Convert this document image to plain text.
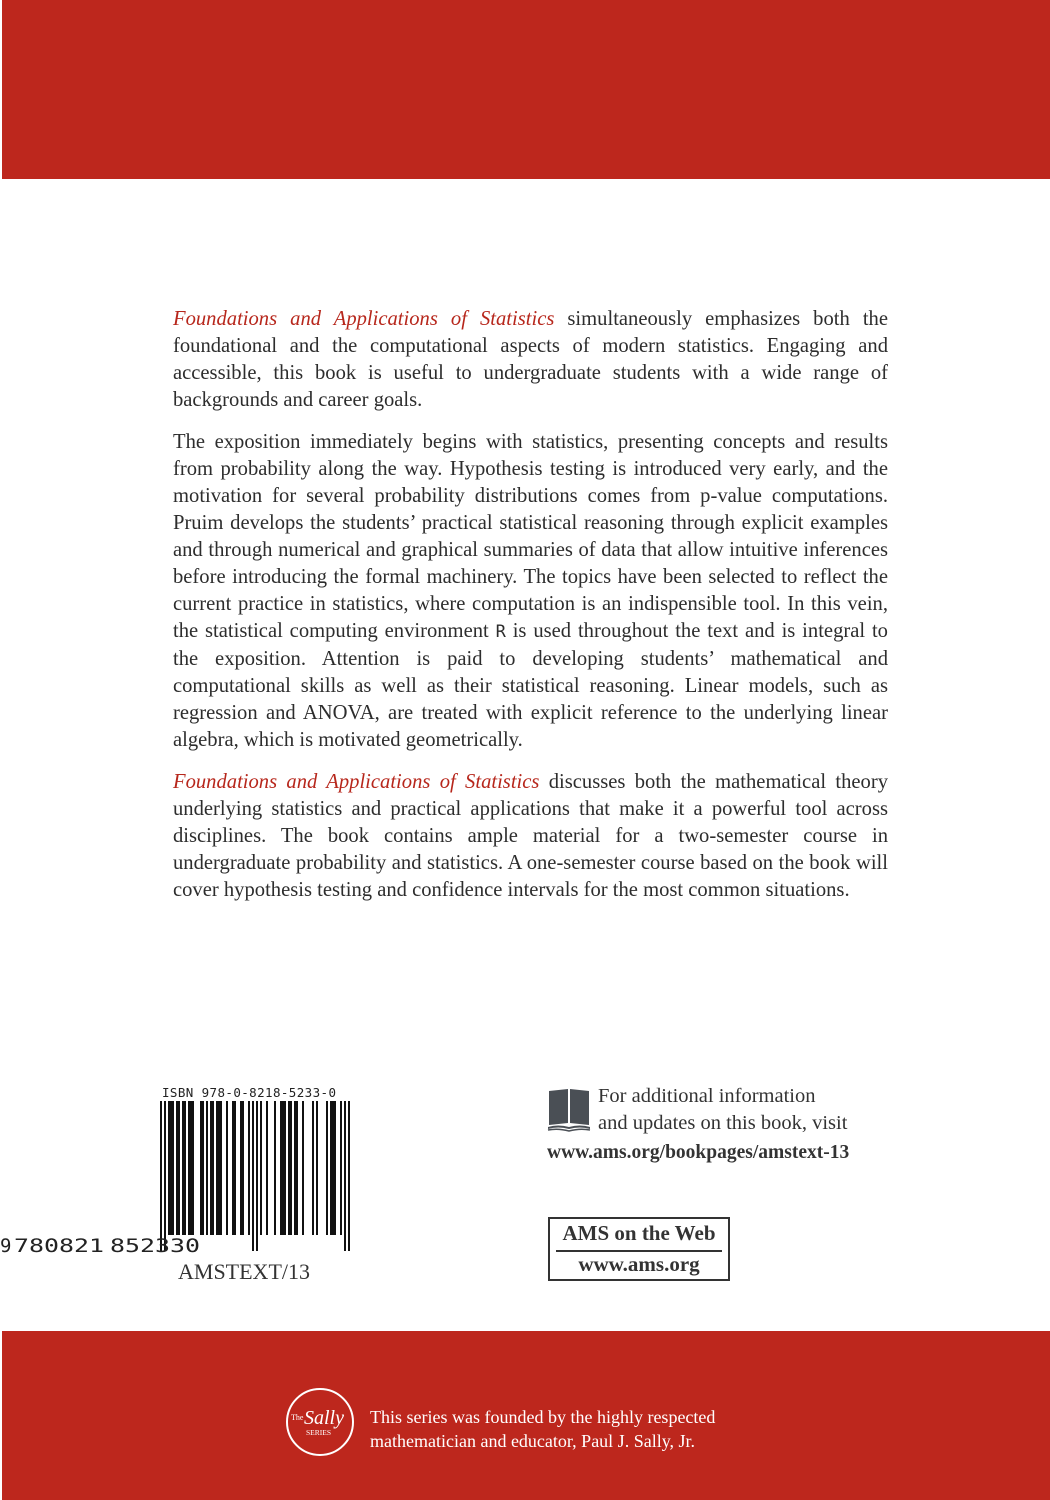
Foundations and Applications of Statistics simultaneously emphasizes both the foundational and the computational aspects of modern statistics. Engaging and accessible, this book is useful to undergraduate students with a wide range of backgrounds and career goals.

The exposition immediately begins with statistics, presenting concepts and results from probability along the way. Hypothesis testing is introduced very early, and the motivation for several probability distributions comes from p-value computations. Pruim develops the students’ practical statistical reasoning through explicit examples and through numerical and graphical summaries of data that allow intuitive inferences before introducing the formal machinery. The topics have been selected to reflect the current practice in statistics, where computation is an indispensible tool. In this vein, the statistical computing environment R is used throughout the text and is integral to the exposition. Attention is paid to developing students’ mathematical and computational skills as well as their statistical reasoning. Linear models, such as regression and ANOVA, are treated with explicit reference to the underlying linear algebra, which is motivated geometrically.

Foundations and Applications of Statistics discusses both the mathematical theory underlying statistics and practical applications that make it a powerful tool across disciplines. The book contains ample material for a two-semester course in undergraduate probability and statistics. A one-semester course based on the book will cover hypothesis testing and confidence intervals for the most common situations.

ISBN 978-0-8218-5233-0
9 780821 852330
AMSTEXT/13
For additional information
and updates on this book, visit
www.ams.org/bookpages/amstext-13
AMS on the Web
www.ams.org
The Sally
SERIES
This series was founded by the highly respected
mathematician and educator, Paul J. Sally, Jr.
